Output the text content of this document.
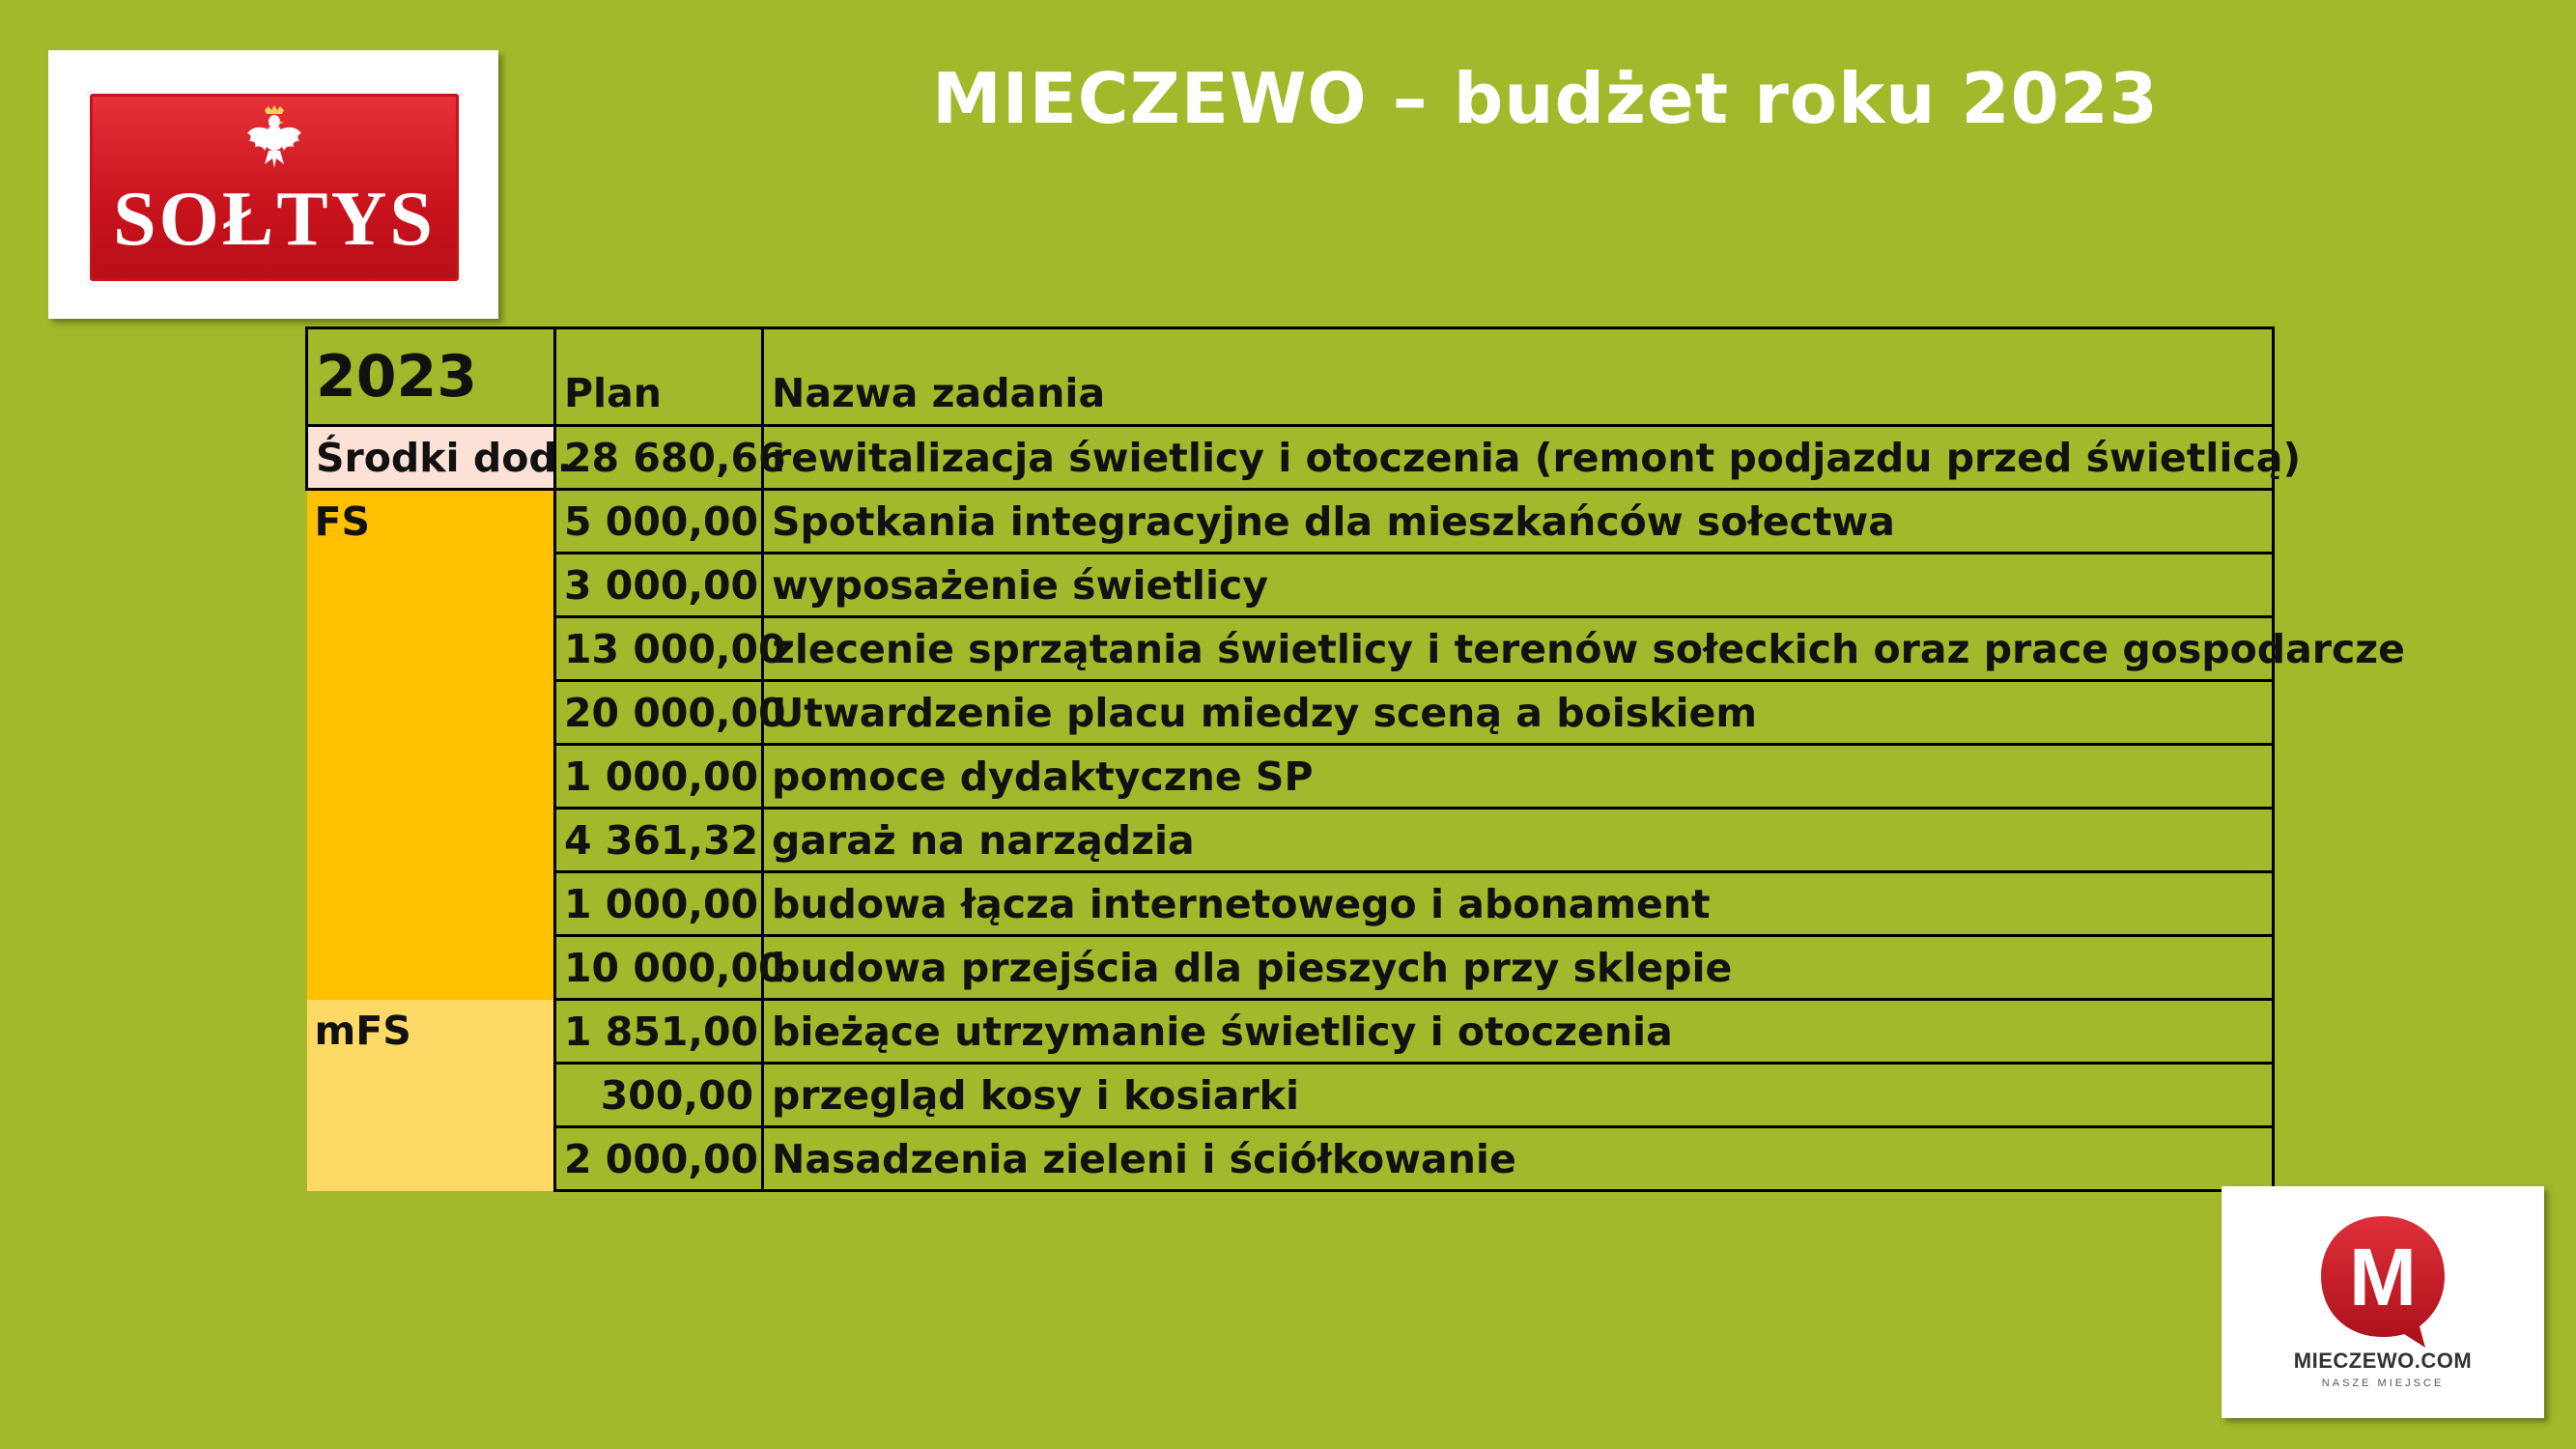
MIECZEWO – budżet roku 2023
SOŁTYS
2023	Plan	Nazwa zadania
Środki dod.	28 680,66	rewitalizacja świetlicy i otoczenia (remont podjazdu przed świetlicą)
FS	5 000,00	Spotkania integracyjne dla mieszkańców sołectwa
	3 000,00	wyposażenie świetlicy
	13 000,00	zlecenie sprzątania świetlicy i terenów sołeckich oraz prace gospodarcze
	20 000,00	Utwardzenie placu miedzy sceną a boiskiem
	1 000,00	pomoce dydaktyczne SP
	4 361,32	garaż na narządzia
	1 000,00	budowa łącza internetowego i abonament
	10 000,00	budowa przejścia dla pieszych przy sklepie
mFS	1 851,00	bieżące utrzymanie świetlicy i otoczenia
	300,00	przegląd kosy i kosiarki
	2 000,00	Nasadzenia zieleni i ściółkowanie
M
MIECZEWO.COM
NASZE MIEJSCE
